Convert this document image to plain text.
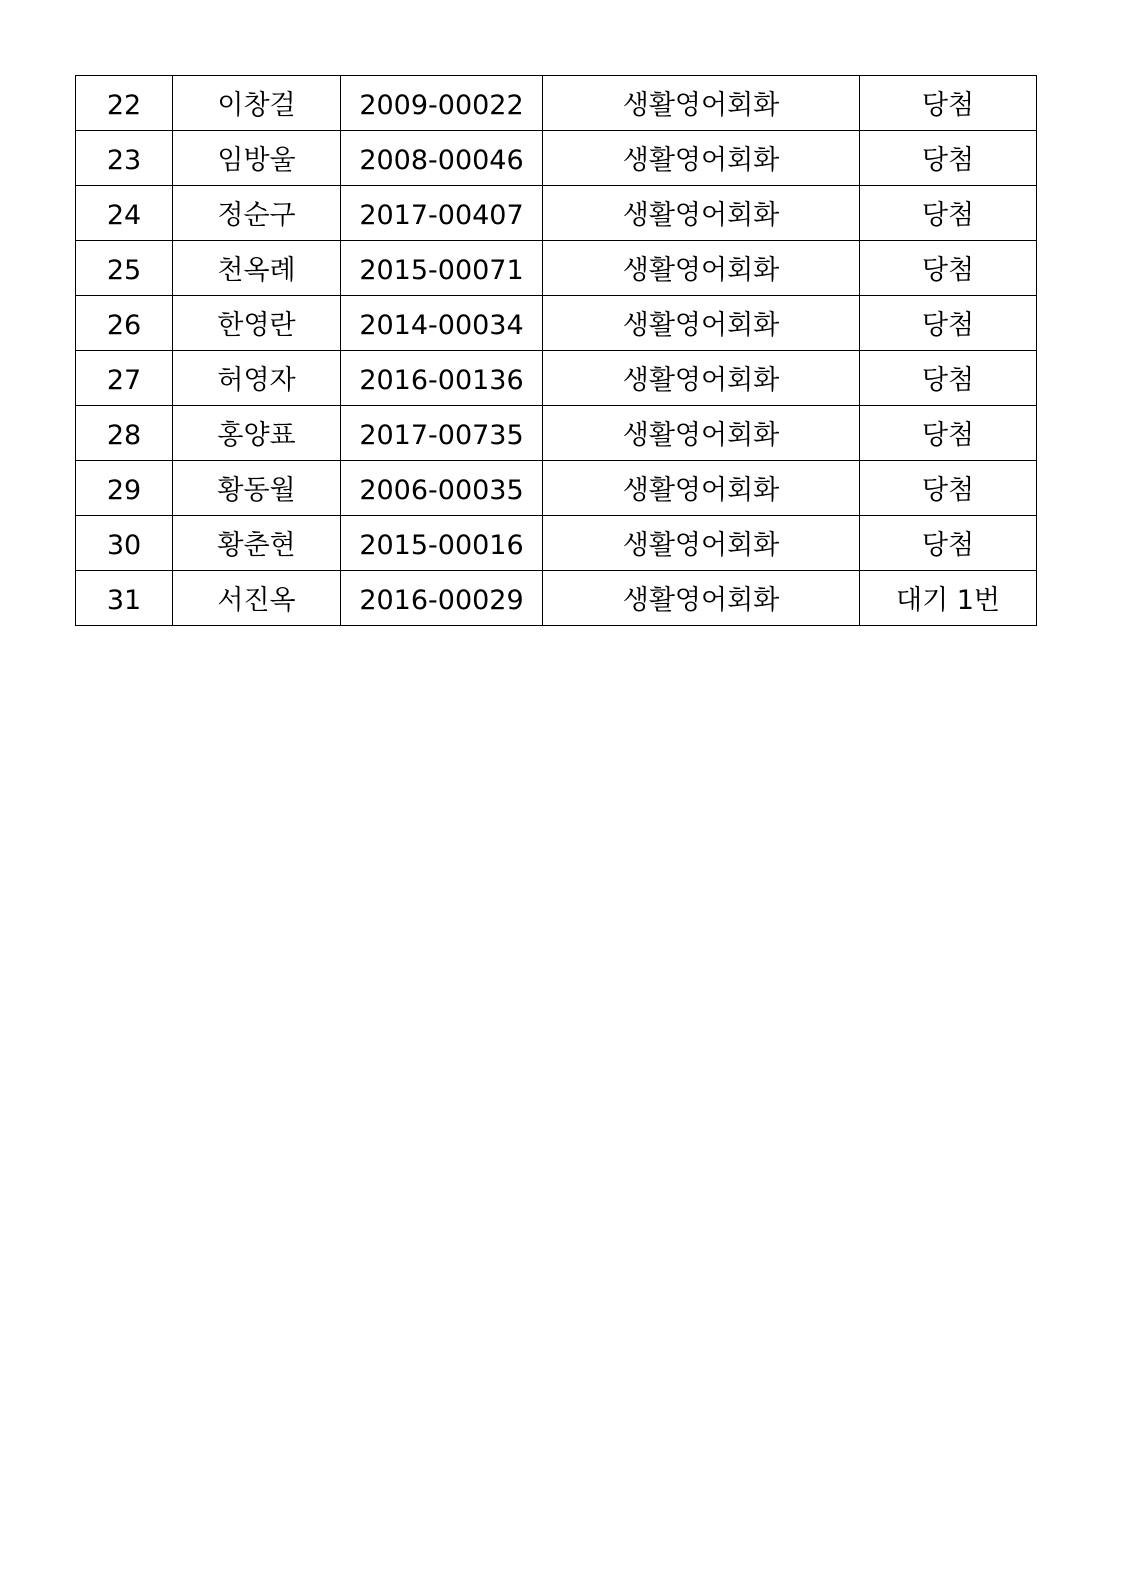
22	이창걸	2009-00022	생활영어회화	당첨
23	임방울	2008-00046	생활영어회화	당첨
24	정순구	2017-00407	생활영어회화	당첨
25	천옥례	2015-00071	생활영어회화	당첨
26	한영란	2014-00034	생활영어회화	당첨
27	허영자	2016-00136	생활영어회화	당첨
28	홍양표	2017-00735	생활영어회화	당첨
29	황동월	2006-00035	생활영어회화	당첨
30	황춘현	2015-00016	생활영어회화	당첨
31	서진옥	2016-00029	생활영어회화	대기 1번
